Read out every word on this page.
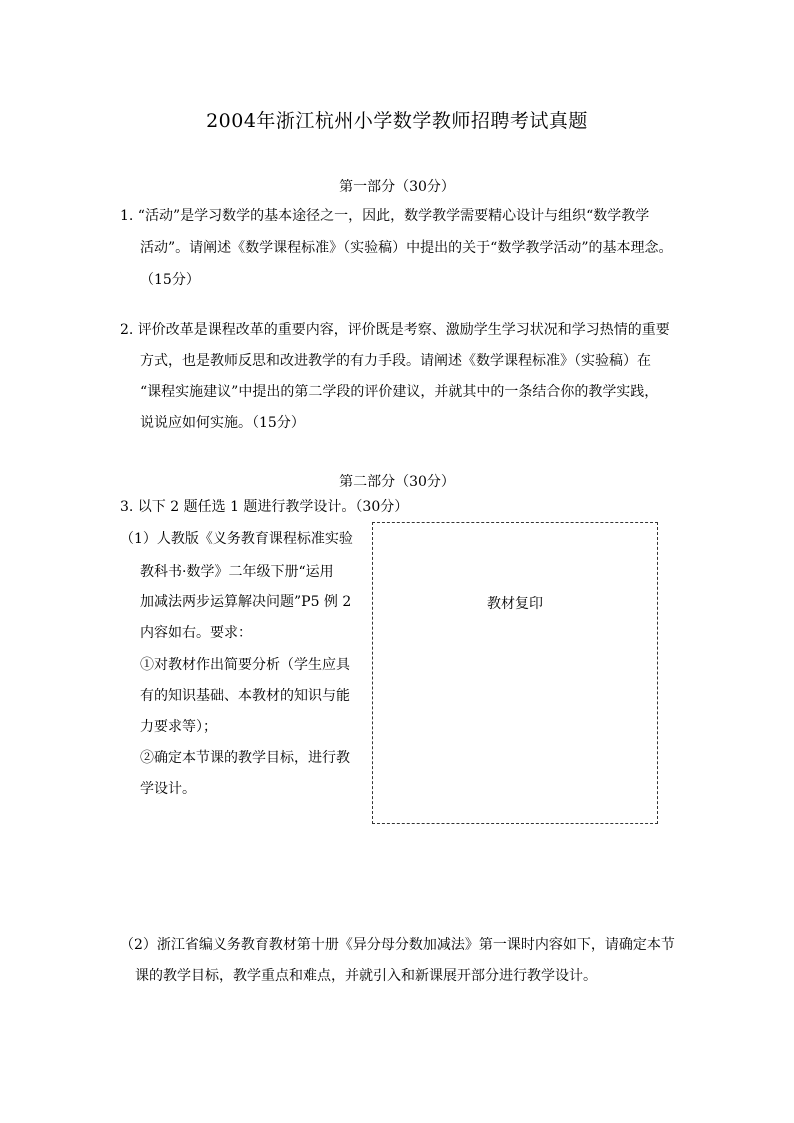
2004年浙江杭州小学数学教师招聘考试真题
第一部分（30分）
1. “活动”是学习数学的基本途径之一，因此，数学教学需要精心设计与组织“数学教学
活动”。请阐述《数学课程标准》（实验稿）中提出的关于“数学教学活动”的基本理念。
（15分）
2. 评价改革是课程改革的重要内容，评价既是考察、激励学生学习状况和学习热情的重要
方式，也是教师反思和改进教学的有力手段。请阐述《数学课程标准》（实验稿）在
“课程实施建议”中提出的第二学段的评价建议，并就其中的一条结合你的教学实践，
说说应如何实施。（15分）
第二部分（30分）
3. 以下 2 题任选 1 题进行教学设计。（30分）
（1）人教版《义务教育课程标准实验
教科书·数学》二年级下册“运用
加减法两步运算解决问题”P5 例 2
内容如右。要求：
①对教材作出简要分析（学生应具
有的知识基础、本教材的知识与能
力要求等）；
②确定本节课的教学目标，进行教
学设计。
教材复印
（2）浙江省编义务教育教材第十册《异分母分数加减法》第一课时内容如下，请确定本节
课的教学目标，教学重点和难点，并就引入和新课展开部分进行教学设计。
